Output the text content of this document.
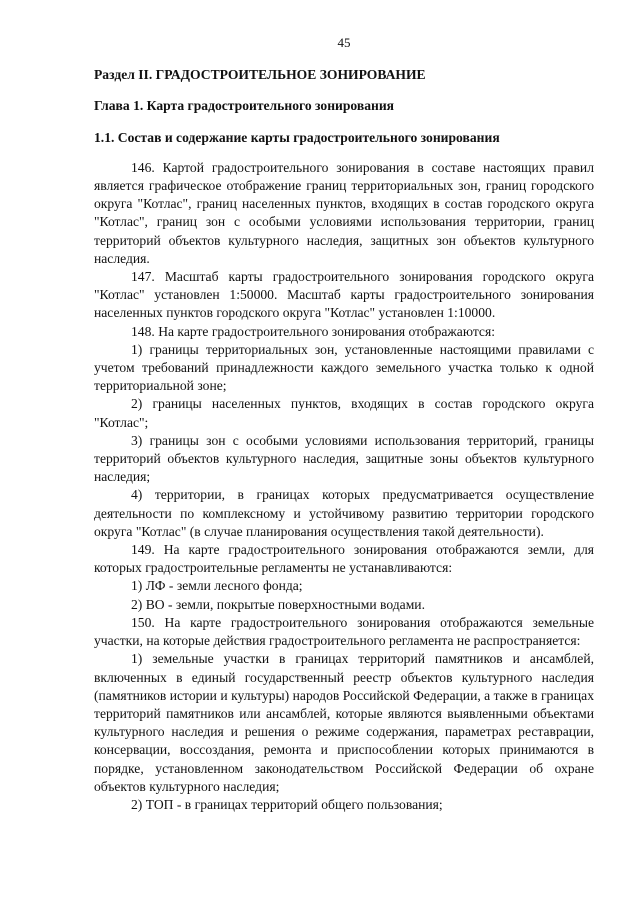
45
Раздел II. ГРАДОСТРОИТЕЛЬНОЕ ЗОНИРОВАНИЕ
Глава 1. Карта градостроительного зонирования
1.1. Состав и содержание карты градостроительного зонирования

146. Картой градостроительного зонирования в составе настоящих правил является графическое отображение границ территориальных зон, границ городского округа "Котлас", границ населенных пунктов, входящих в состав городского округа "Котлас", границ зон с особыми условиями использования территории, границ территорий объектов культурного наследия, защитных зон объектов культурного наследия.

147. Масштаб карты градостроительного зонирования городского округа "Котлас" установлен 1:50000. Масштаб карты градостроительного зонирования населенных пунктов городского округа "Котлас" установлен 1:10000.

148. На карте градостроительного зонирования отображаются:

1) границы территориальных зон, установленные настоящими правилами с учетом требований принадлежности каждого земельного участка только к одной территориальной зоне;

2) границы населенных пунктов, входящих в состав городского округа "Котлас";

3) границы зон с особыми условиями использования территорий, границы территорий объектов культурного наследия, защитные зоны объектов культурного наследия;

4) территории, в границах которых предусматривается осуществление деятельности по комплексному и устойчивому развитию территории городского округа "Котлас" (в случае планирования осуществления такой деятельности).

149. На карте градостроительного зонирования отображаются земли, для которых градостроительные регламенты не устанавливаются:

1) ЛФ - земли лесного фонда;

2) ВО - земли, покрытые поверхностными водами.

150. На карте градостроительного зонирования отображаются земельные участки, на которые действия градостроительного регламента не распространяется:

1) земельные участки в границах территорий памятников и ансамблей, включенных в единый государственный реестр объектов культурного наследия (памятников истории и культуры) народов Российской Федерации, а также в границах территорий памятников или ансамблей, которые являются выявленными объектами культурного наследия и решения о режиме содержания, параметрах реставрации, консервации, воссоздания, ремонта и приспособлении которых принимаются в порядке, установленном законодательством Российской Федерации об охране объектов культурного наследия;

2) ТОП - в границах территорий общего пользования;
